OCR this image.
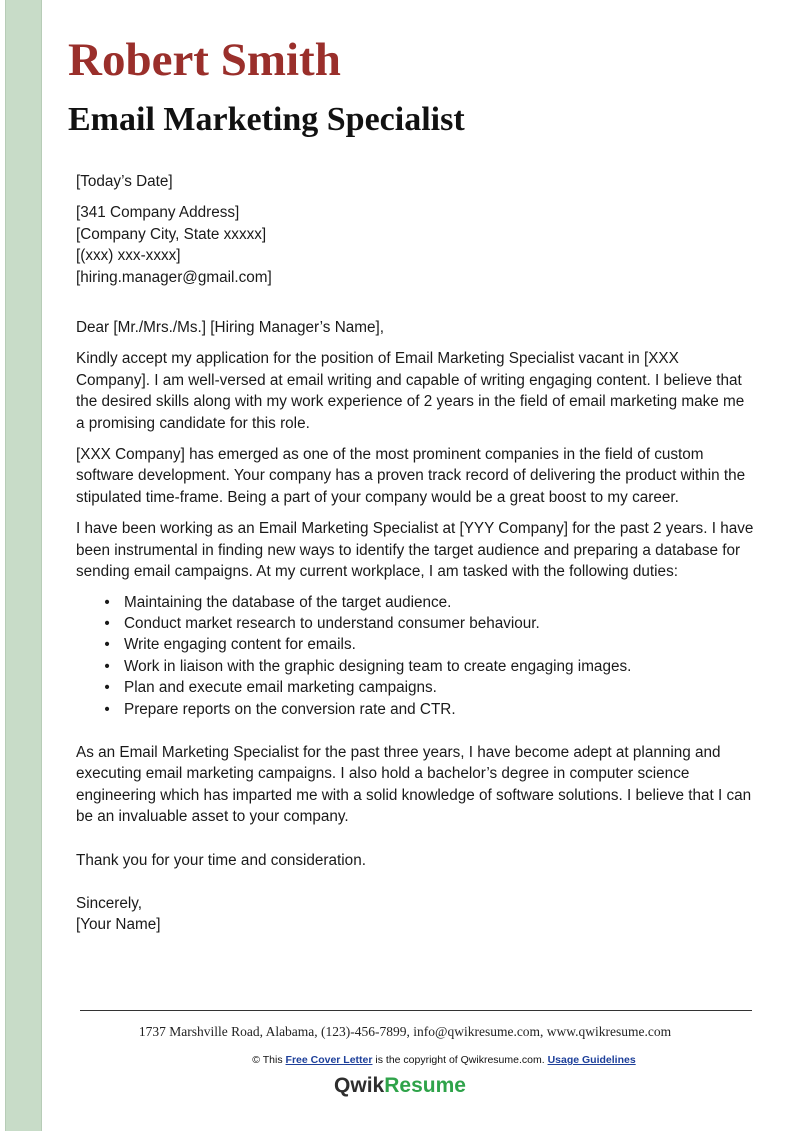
Robert Smith
Email Marketing Specialist

[Today’s Date]

[341 Company Address]

[Company City, State xxxxx]

[(xxx) xxx-xxxx]

[hiring.manager@gmail.com]

Dear [Mr./Mrs./Ms.] [Hiring Manager’s Name],

Kindly accept my application for the position of Email Marketing Specialist vacant in [XXX Company]. I am well-versed at email writing and capable of writing engaging content. I believe that the desired skills along with my work experience of 2 years in the field of email marketing make me a promising candidate for this role.

[XXX Company] has emerged as one of the most prominent companies in the field of custom software development. Your company has a proven track record of delivering the product within the stipulated time-frame. Being a part of your company would be a great boost to my career.

I have been working as an Email Marketing Specialist at [YYY Company] for the past 2 years. I have been instrumental in finding new ways to identify the target audience and preparing a database for sending email campaigns. At my current workplace, I am tasked with the following duties:

• Maintaining the database of the target audience.
• Conduct market research to understand consumer behaviour.
• Write engaging content for emails.
• Work in liaison with the graphic designing team to create engaging images.
• Plan and execute email marketing campaigns.
• Prepare reports on the conversion rate and CTR.

As an Email Marketing Specialist for the past three years, I have become adept at planning and executing email marketing campaigns. I also hold a bachelor’s degree in computer science engineering which has imparted me with a solid knowledge of software solutions. I believe that I can be an invaluable asset to your company.

Thank you for your time and consideration.

Sincerely,

[Your Name]

1737 Marshville Road, Alabama, (123)-456-7899, info@qwikresume.com, www.qwikresume.com
© This Free Cover Letter is the copyright of Qwikresume.com. Usage Guidelines
QwikResume
